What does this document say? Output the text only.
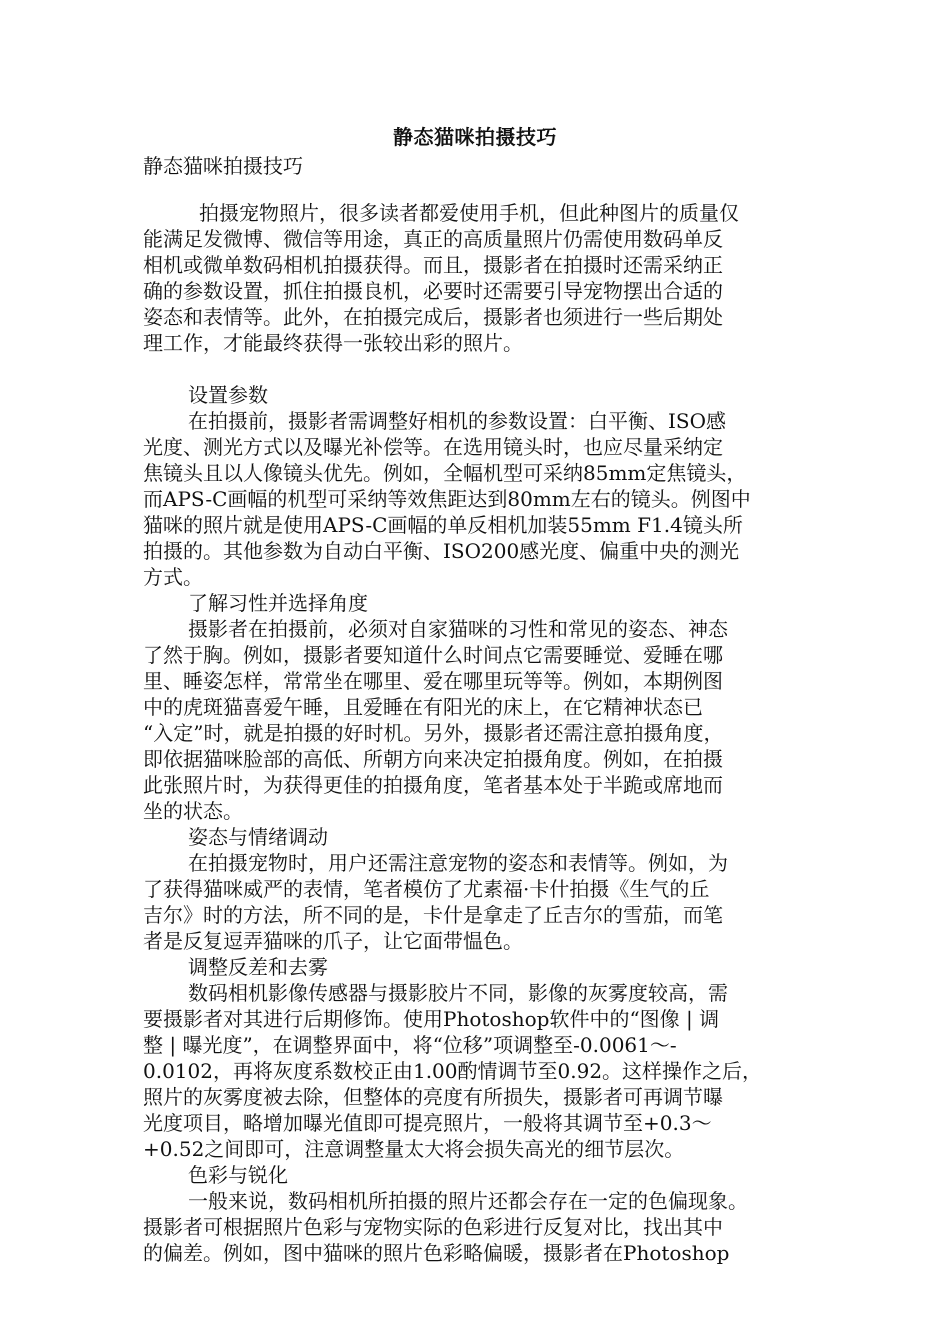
静态猫咪拍摄技巧
静态猫咪拍摄技巧
拍摄宠物照片，很多读者都爱使用手机，但此种图片的质量仅
能满足发微博、微信等用途，真正的高质量照片仍需使用数码单反
相机或微单数码相机拍摄获得。而且，摄影者在拍摄时还需采纳正
确的参数设置，抓住拍摄良机，必要时还需要引导宠物摆出合适的
姿态和表情等。此外，在拍摄完成后，摄影者也须进行一些后期处
理工作，才能最终获得一张较出彩的照片。
设置参数
在拍摄前，摄影者需调整好相机的参数设置：白平衡、ISO感
光度、测光方式以及曝光补偿等。在选用镜头时，也应尽量采纳定
焦镜头且以人像镜头优先。例如，全幅机型可采纳85mm定焦镜头，
而APS-C画幅的机型可采纳等效焦距达到80mm左右的镜头。例图中
猫咪的照片就是使用APS-C画幅的单反相机加装55mm F1.4镜头所
拍摄的。其他参数为自动白平衡、ISO200感光度、偏重中央的测光
方式。
了解习性并选择角度
摄影者在拍摄前，必须对自家猫咪的习性和常见的姿态、神态
了然于胸。例如，摄影者要知道什么时间点它需要睡觉、爱睡在哪
里、睡姿怎样，常常坐在哪里、爱在哪里玩等等。例如，本期例图
中的虎斑猫喜爱午睡，且爱睡在有阳光的床上，在它精神状态已
“入定”时，就是拍摄的好时机。另外，摄影者还需注意拍摄角度，
即依据猫咪脸部的高低、所朝方向来决定拍摄角度。例如，在拍摄
此张照片时，为获得更佳的拍摄角度，笔者基本处于半跪或席地而
坐的状态。
姿态与情绪调动
在拍摄宠物时，用户还需注意宠物的姿态和表情等。例如，为
了获得猫咪威严的表情，笔者模仿了尤素福·卡什拍摄《生气的丘
吉尔》时的方法，所不同的是，卡什是拿走了丘吉尔的雪茄，而笔
者是反复逗弄猫咪的爪子，让它面带愠色。
调整反差和去雾
数码相机影像传感器与摄影胶片不同，影像的灰雾度较高，需
要摄影者对其进行后期修饰。使用Photoshop软件中的“图像 | 调
整 | 曝光度”，在调整界面中，将“位移”项调整至-0.0061～-
0.0102，再将灰度系数校正由1.00酌情调节至0.92。这样操作之后，
照片的灰雾度被去除，但整体的亮度有所损失，摄影者可再调节曝
光度项目，略增加曝光值即可提亮照片，一般将其调节至+0.3～
+0.52之间即可，注意调整量太大将会损失高光的细节层次。
色彩与锐化
一般来说，数码相机所拍摄的照片还都会存在一定的色偏现象。
摄影者可根据照片色彩与宠物实际的色彩进行反复对比，找出其中
的偏差。例如，图中猫咪的照片色彩略偏暖，摄影者在Photoshop
